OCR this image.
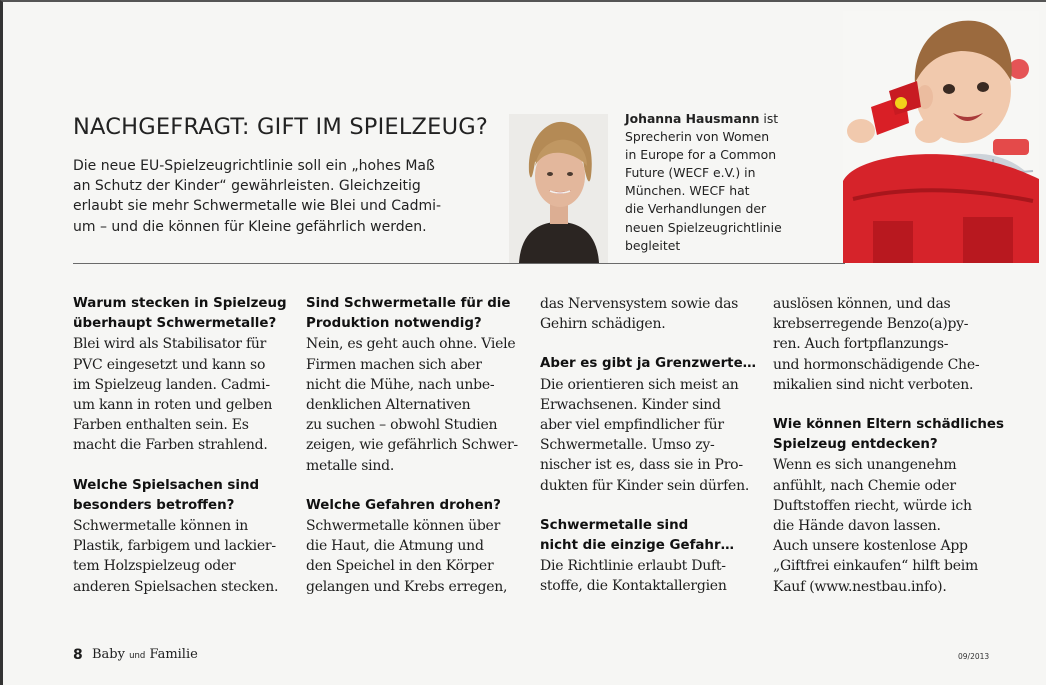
NACHGEFRAGT: GIFT IM SPIELZEUG?

Die neue EU-Spielzeugrichtlinie soll ein „hohes Maß
an Schutz der Kinder“ gewährleisten. Gleichzeitig
erlaubt sie mehr Schwermetalle wie Blei und Cadmi-
um – und die können für Kleine gefährlich werden.

Johanna Hausmann ist
Sprecherin von Women
in Europe for a Common
Future (WECF e.V.) in
München. WECF hat
die Verhandlungen der
neuen Spielzeugrichtlinie
begleitet
Warum stecken in Spielzeug
überhaupt Schwermetalle?
Blei wird als Stabilisator für
PVC eingesetzt und kann so
im Spielzeug landen. Cadmi-
um kann in roten und gelben
Farben enthalten sein. Es
macht die Farben strahlend.
Welche Spielsachen sind
besonders betroffen?
Schwermetalle können in
Plastik, farbigem und lackier-
tem Holzspielzeug oder
anderen Spielsachen stecken.
Sind Schwermetalle für die
Produktion notwendig?
Nein, es geht auch ohne. Viele
Firmen machen sich aber
nicht die Mühe, nach unbe-
denklichen Alternativen
zu suchen – obwohl Studien
zeigen, wie gefährlich Schwer-
metalle sind.
Welche Gefahren drohen?
Schwermetalle können über
die Haut, die Atmung und
den Speichel in den Körper
gelangen und Krebs erregen,
das Nervensystem sowie das
Gehirn schädigen.
Aber es gibt ja Grenzwerte…
Die orientieren sich meist an
Erwachsenen. Kinder sind
aber viel empfindlicher für
Schwermetalle. Umso zy-
nischer ist es, dass sie in Pro-
dukten für Kinder sein dürfen.
Schwermetalle sind
nicht die einzige Gefahr…
Die Richtlinie erlaubt Duft-
stoffe, die Kontaktallergien
auslösen können, und das
krebserregende Benzo(a)py-
ren. Auch fortpflanzungs-
und hormonschädigende Che-
mikalien sind nicht verboten.
Wie können Eltern schädliches
Spielzeug entdecken?
Wenn es sich unangenehm
anfühlt, nach Chemie oder
Duftstoffen riecht, würde ich
die Hände davon lassen.
Auch unsere kostenlose App
„Giftfrei einkaufen“ hilft beim
Kauf (www.nestbau.info).
8 Baby und Familie	09/2013
